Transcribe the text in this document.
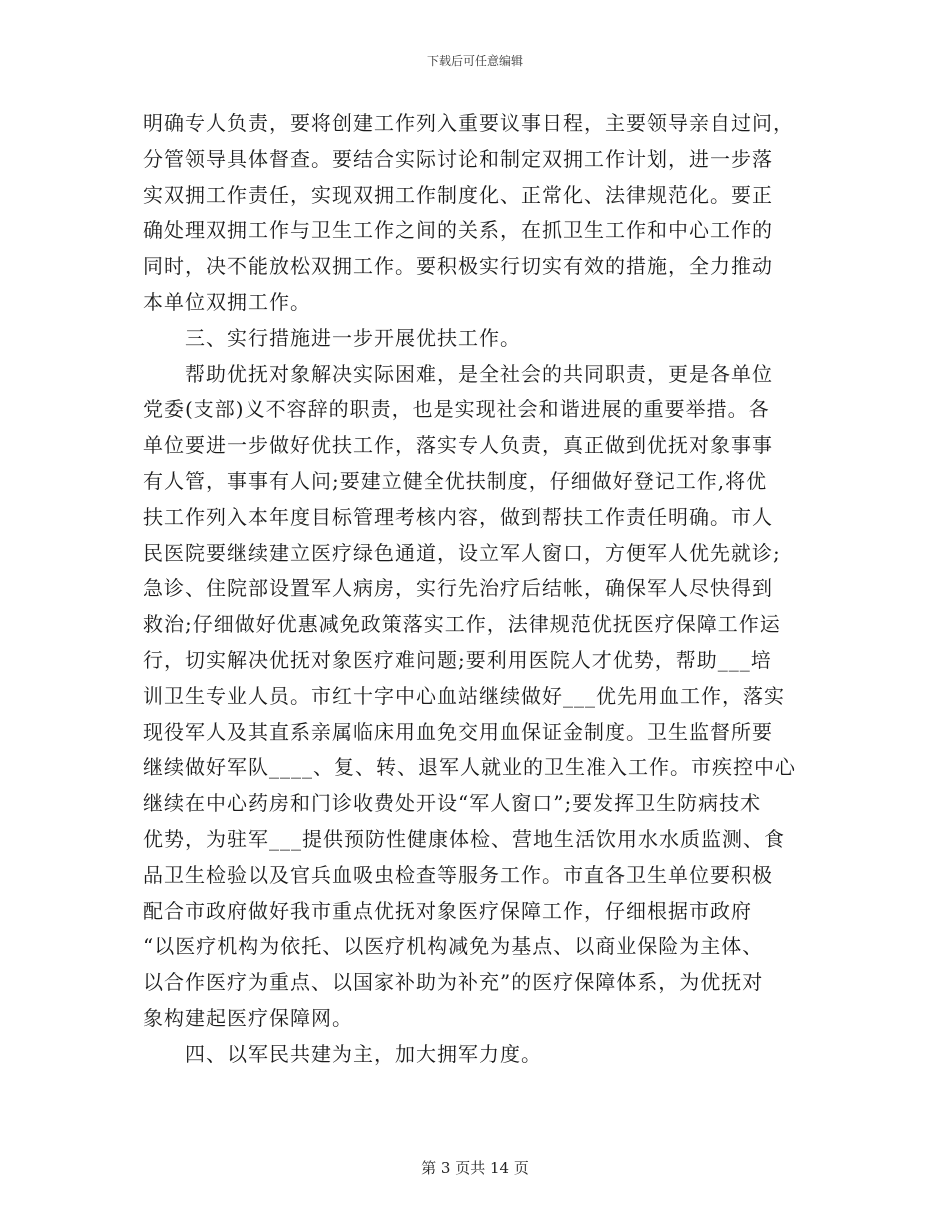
下载后可任意编辑
明确专人负责，要将创建工作列入重要议事日程，主要领导亲自过问，
分管领导具体督查。要结合实际讨论和制定双拥工作计划，进一步落
实双拥工作责任，实现双拥工作制度化、正常化、法律规范化。要正
确处理双拥工作与卫生工作之间的关系，在抓卫生工作和中心工作的
同时，决不能放松双拥工作。要积极实行切实有效的措施，全力推动
本单位双拥工作。
三、实行措施进一步开展优扶工作。
帮助优抚对象解决实际困难，是全社会的共同职责，更是各单位
党委(支部)义不容辞的职责，也是实现社会和谐进展的重要举措。各
单位要进一步做好优扶工作，落实专人负责，真正做到优抚对象事事
有人管，事事有人问;要建立健全优扶制度，仔细做好登记工作,将优
扶工作列入本年度目标管理考核内容，做到帮扶工作责任明确。市人
民医院要继续建立医疗绿色通道，设立军人窗口，方便军人优先就诊;
急诊、住院部设置军人病房，实行先治疗后结帐，确保军人尽快得到
救治;仔细做好优惠减免政策落实工作，法律规范优抚医疗保障工作运
行，切实解决优抚对象医疗难问题;要利用医院人才优势，帮助___培
训卫生专业人员。市红十字中心血站继续做好___优先用血工作，落实
现役军人及其直系亲属临床用血免交用血保证金制度。卫生监督所要
继续做好军队____、复、转、退军人就业的卫生准入工作。市疾控中心
继续在中心药房和门诊收费处开设“军人窗口”;要发挥卫生防病技术
优势，为驻军___提供预防性健康体检、营地生活饮用水水质监测、食
品卫生检验以及官兵血吸虫检查等服务工作。市直各卫生单位要积极
配合市政府做好我市重点优抚对象医疗保障工作，仔细根据市政府
“以医疗机构为依托、以医疗机构减免为基点、以商业保险为主体、
以合作医疗为重点、以国家补助为补充”的医疗保障体系，为优抚对
象构建起医疗保障网。
四、以军民共建为主，加大拥军力度。
第 3 页共 14 页
